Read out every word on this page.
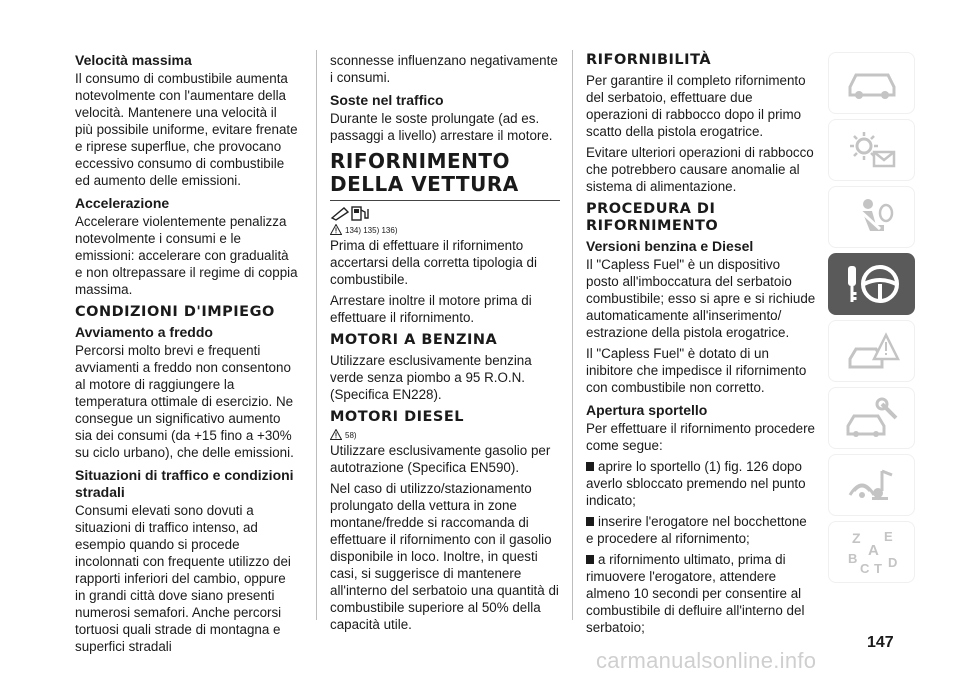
Velocità massima
Il consumo di combustibile aumenta notevolmente con l'aumentare della velocità. Mantenere una velocità il più possibile uniforme, evitare frenate e riprese superflue, che provocano eccessivo consumo di combustibile ed aumento delle emissioni.
Accelerazione
Accelerare violentemente penalizza notevolmente i consumi e le emissioni: accelerare con gradualità e non oltrepassare il regime di coppia massima.
CONDIZIONI D'IMPIEGO
Avviamento a freddo
Percorsi molto brevi e frequenti avviamenti a freddo non consentono al motore di raggiungere la temperatura ottimale di esercizio. Ne consegue un significativo aumento sia dei consumi (da +15 fino a +30% su ciclo urbano), che delle emissioni.
Situazioni di traffico e condizioni stradali
Consumi elevati sono dovuti a situazioni di traffico intenso, ad esempio quando si procede incolonnati con frequente utilizzo dei rapporti inferiori del cambio, oppure in grandi città dove siano presenti numerosi semafori. Anche percorsi tortuosi quali strade di montagna e superfici stradali
sconnesse influenzano negativamente i consumi.
Soste nel traffico
Durante le soste prolungate (ad es. passaggi a livello) arrestare il motore.
RIFORNIMENTO DELLA VETTURA
134) 135) 136)
Prima di effettuare il rifornimento accertarsi della corretta tipologia di combustibile.
Arrestare inoltre il motore prima di effettuare il rifornimento.
MOTORI A BENZINA
Utilizzare esclusivamente benzina verde senza piombo a 95 R.O.N. (Specifica EN228).
MOTORI DIESEL
58)
Utilizzare esclusivamente gasolio per autotrazione (Specifica EN590).
Nel caso di utilizzo/stazionamento prolungato della vettura in zone montane/fredde si raccomanda di effettuare il rifornimento con il gasolio disponibile in loco. Inoltre, in questi casi, si suggerisce di mantenere all'interno del serbatoio una quantità di combustibile superiore al 50% della capacità utile.
RIFORNIBILITÀ
Per garantire il completo rifornimento del serbatoio, effettuare due operazioni di rabbocco dopo il primo scatto della pistola erogatrice.
Evitare ulteriori operazioni di rabbocco che potrebbero causare anomalie al sistema di alimentazione.
PROCEDURA DI RIFORNIMENTO
Versioni benzina e Diesel
Il "Capless Fuel" è un dispositivo posto all'imboccatura del serbatoio combustibile; esso si apre e si richiude automaticamente all'inserimento/ estrazione della pistola erogatrice.
Il "Capless Fuel" è dotato di un inibitore che impedisce il rifornimento con combustibile non corretto.
Apertura sportello
Per effettuare il rifornimento procedere come segue:
aprire lo sportello (1) fig. 126 dopo averlo sbloccato premendo nel punto indicato;
inserire l'erogatore nel bocchettone e procedere al rifornimento;
a rifornimento ultimato, prima di rimuovere l'erogatore, attendere almeno 10 secondi per consentire al combustibile di defluire all'interno del serbatoio;
Z E
A
B
C T D
147
carmanualsonline.info
